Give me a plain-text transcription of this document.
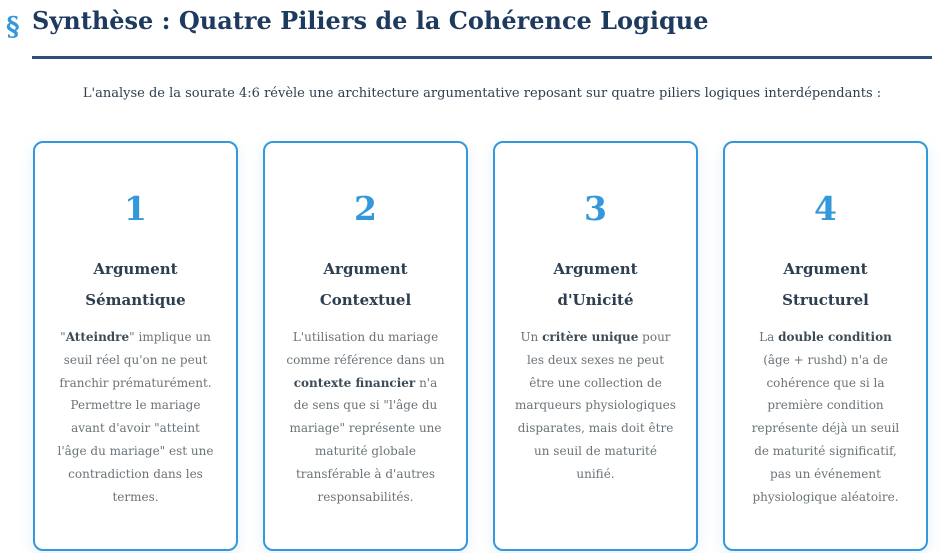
§ Synthèse : Quatre Piliers de la Cohérence Logique

L'analyse de la sourate 4:6 révèle une architecture argumentative reposant sur quatre piliers logiques interdépendants :

1
Argument
Sémantique
"Atteindre" implique un seuil réel qu'on ne peut franchir prématurément. Permettre le mariage avant d'avoir "atteint l'âge du mariage" est une contradiction dans les termes.
2
Argument
Contextuel
L'utilisation du mariage comme référence dans un contexte financier n'a de sens que si "l'âge du mariage" représente une maturité globale transférable à d'autres responsabilités.
3
Argument
d'Unicité
Un critère unique pour les deux sexes ne peut être une collection de marqueurs physiologiques disparates, mais doit être un seuil de maturité unifié.
4
Argument
Structurel
La double condition (âge + rushd) n'a de cohérence que si la première condition représente déjà un seuil de maturité significatif, pas un événement physiologique aléatoire.
